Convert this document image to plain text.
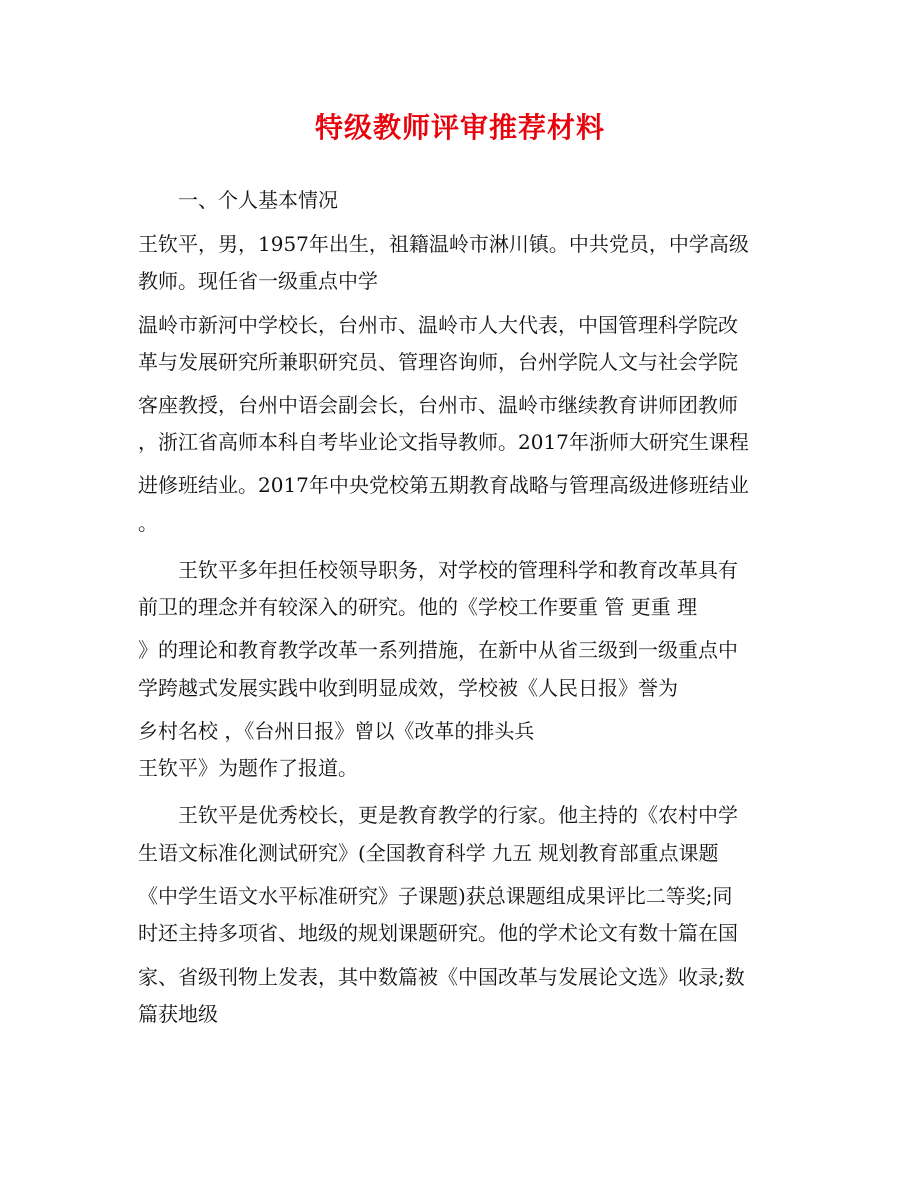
特级教师评审推荐材料
一、个人基本情况
王钦平，男，1957年出生，祖籍温岭市淋川镇。中共党员，中学高级
教师。现任省一级重点中学
温岭市新河中学校长，台州市、温岭市人大代表，中国管理科学院改
革与发展研究所兼职研究员、管理咨询师，台州学院人文与社会学院
客座教授，台州中语会副会长，台州市、温岭市继续教育讲师团教师
，浙江省高师本科自考毕业论文指导教师。2017年浙师大研究生课程
进修班结业。2017年中央党校第五期教育战略与管理高级进修班结业
。
王钦平多年担任校领导职务，对学校的管理科学和教育改革具有
前卫的理念并有较深入的研究。他的《学校工作要重 管 更重 理
》的理论和教育教学改革一系列措施，在新中从省三级到一级重点中
学跨越式发展实践中收到明显成效，学校被《人民日报》誉为
乡村名校 ，《台州日报》曾以《改革的排头兵
王钦平》为题作了报道。
王钦平是优秀校长，更是教育教学的行家。他主持的《农村中学
生语文标准化测试研究》(全国教育科学 九五 规划教育部重点课题
《中学生语文水平标准研究》子课题)获总课题组成果评比二等奖;同
时还主持多项省、地级的规划课题研究。他的学术论文有数十篇在国
家、省级刊物上发表，其中数篇被《中国改革与发展论文选》收录;数
篇获地级
